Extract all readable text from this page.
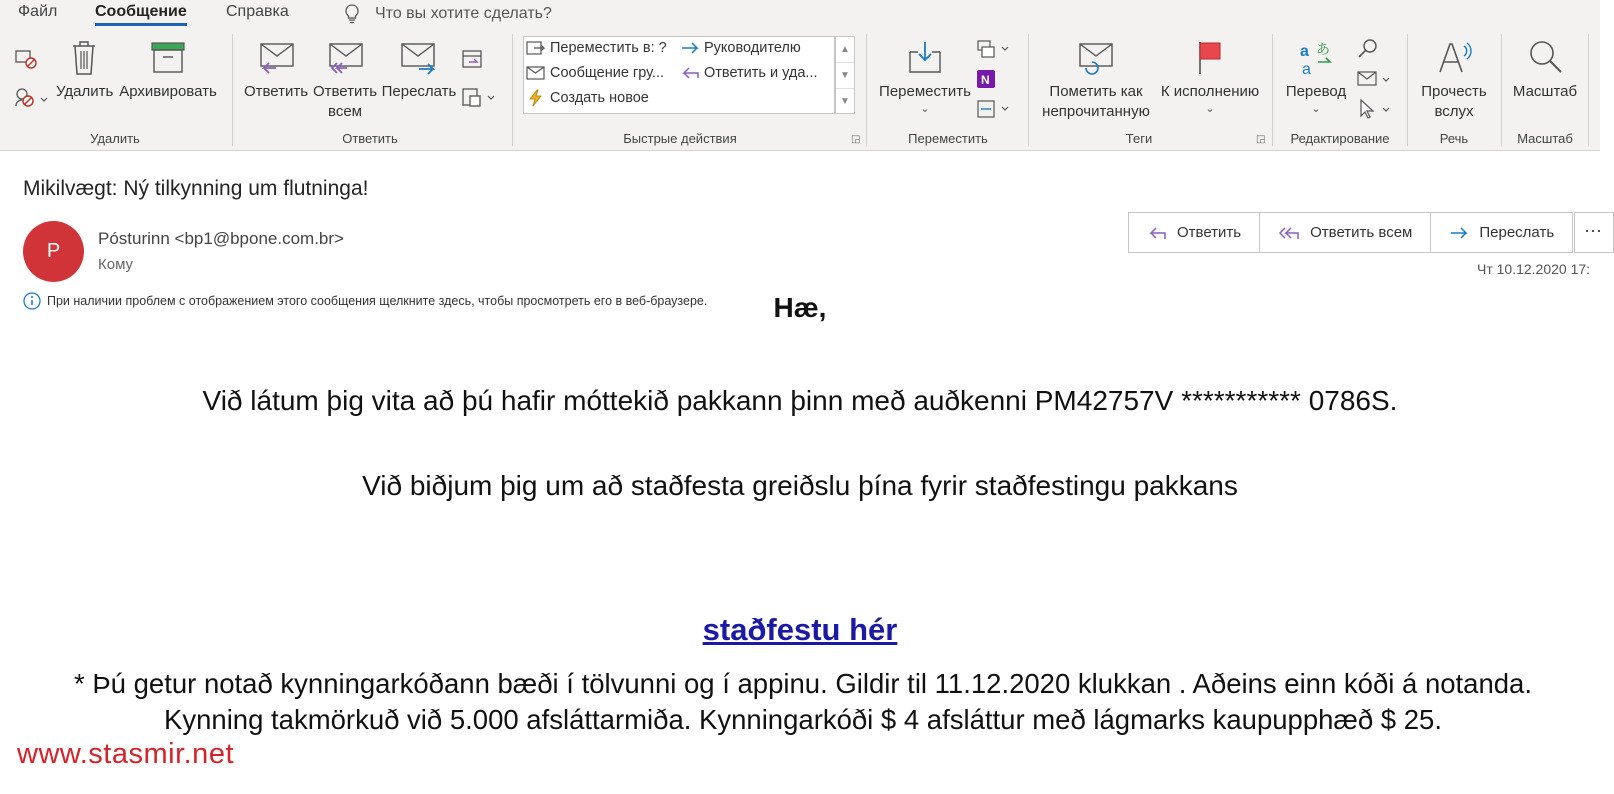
Файл Сообщение Справка	Что вы хотите сделать?
Удалить Архивировать
Удалить
Ответить Ответить
всем
Переслать
Ответить
Переместить в: ?	Руководителю
Сообщение гру...	Ответить и уда...
Создать новое
▲
▼
▼
Быстрые действия	◲
Переместить
⌄
N
Переместить
Пометить как
непрочитанную
К исполнению
⌄
Теги	◲
a あ
a
Перевод
⌄
Редактирование
Прочесть
вслух
Речь
Масштаб
Масштаб
Mikilvægt: Ný tilkynning um flutninga!
P
Pósturinn <bp1@bpone.com.br>
Кому
Ответить	Ответить всем	Переслать	···
Чт 10.12.2020 17:
При наличии проблем с отображением этого сообщения щелкните здесь, чтобы просмотреть его в веб-браузере.	Hæ,
Við látum þig vita að þú hafir móttekið pakkann þinn með auðkenni PM42757V *********** 0786S.
Við biðjum þig um að staðfesta greiðslu þína fyrir staðfestingu pakkans
staðfestu hér
* Þú getur notað kynningarkóðann bæði í tölvunni og í appinu. Gildir til 11.12.2020 klukkan . Aðeins einn kóði á notanda. Kynning takmörkuð við 5.000 afsláttarmiða. Kynningarkóði $ 4 afsláttur með lágmarks kaupupphæð $ 25.
www.stasmir.net
